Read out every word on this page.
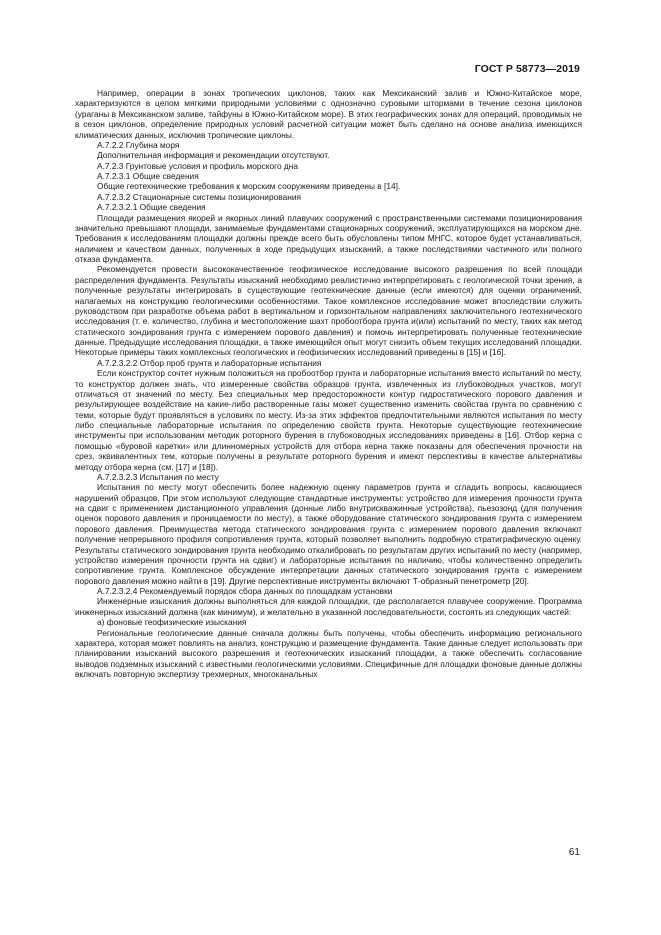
ГОСТ Р 58773—2019

Например, операции в зонах тропических циклонов, таких как Мексиканский залив и Южно-Китайское море, характеризуются в целом мягкими природными условиями с однозначно суровыми штормами в течение сезона циклонов (ураганы в Мексиканском заливе, тайфуны в Южно-Китайском море). В этих географических зонах для операций, проводимых не в сезон циклонов, определение природных условий расчетной ситуации может быть сделано на основе анализа имеющихся климатических данных, исключив тропические циклоны.

А.7.2.2 Глубина моря

Дополнительная информация и рекомендации отсутствуют.

А.7.2.3 Грунтовые условия и профиль морского дна

А.7.2.3.1 Общие сведения

Общие геотехнические требования к морским сооружениям приведены в [14].

А.7.2.3.2 Стационарные системы позиционирования

А.7.2.3.2.1 Общие сведения

Площади размещения якорей и якорных линий плавучих сооружений с пространственными системами позиционирования значительно превышают площади, занимаемые фундаментами стационарных сооружений, эксплуатирующихся на морском дне. Требования к исследованиям площадки должны прежде всего быть обусловлены типом МНГС, которое будет устанавливаться, наличием и качеством данных, полученных в ходе предыдущих изысканий, а также последствиями частичного или полного отказа фундамента.

Рекомендуется провести высококачественное геофизическое исследование высокого разрешения по всей площади распределения фундамента. Результаты изысканий необходимо реалистично интерпретировать с геологической точки зрения, а полученные результаты интегрировать в существующие геотехнические данные (если имеются) для оценки ограничений, налагаемых на конструкцию геологическими особенностями. Такое комплексное исследование может впоследствии служить руководством при разработке объема работ в вертикальном и горизонтальном направлениях заключительного геотехнического исследования (т. е. количество, глубина и местоположение шахт пробоотбора грунта и(или) испытаний по месту, таких как метод статического зондирования грунта с измерением порового давления) и помочь интерпретировать полученные геотехнические данные. Предыдущие исследования площадки, а также имеющийся опыт могут снизить объем текущих исследований площадки. Некоторые примеры таких комплексных геологических и геофизических исследований приведены в [15] и [16].

А.7.2.3.2.2 Отбор проб грунта и лабораторные испытания

Если конструктор сочтет нужным положиться на пробоотбор грунта и лабораторные испытания вместо испытаний по месту, то конструктор должен знать, что измеренные свойства образцов грунта, извлеченных из глубоководных участков, могут отличаться от значений по месту. Без специальных мер предосторожности контур гидростатического порового давления и результирующее воздействие на какие-либо растворенные газы может существенно изменить свойства грунта по сравнению с теми, которые будут проявляться в условиях по месту. Из-за этих эффектов предпочтительными являются испытания по месту либо специальные лабораторные испытания по определению свойств грунта. Некоторые существующие геотехнические инструменты при использовании методик роторного бурения в глубоководных исследованиях приведены в [16]. Отбор керна с помощью «буровой каретки» или длинномерных устройств для отбора керна также показаны для обеспечения прочности на срез, эквивалентных тем, которые получены в результате роторного бурения и имеют перспективы в качестве альтернативы методу отбора керна (см. [17] и [18]).

А.7.2.3.2.3 Испытания по месту

Испытания по месту могут обеспечить более надежную оценку параметров грунта и сгладить вопросы, касающиеся нарушений образцов. При этом используют следующие стандартные инструменты: устройство для измерения прочности грунта на сдвиг с применением дистанционного управления (донные либо внутрискважинные устройства), пьезозонд (для получения оценок порового давления и проницаемости по месту), а также оборудование статического зондирования грунта с измерением порового давления. Преимущества метода статического зондирования грунта с измерением порового давления включают получение непрерывного профиля сопротивления грунта, который позволяет выполнить подробную стратиграфическую оценку. Результаты статического зондирования грунта необходимо откалибровать по результатам других испытаний по месту (например, устройство измерения прочности грунта на сдвиг) и лабораторные испытания по наличию, чтобы количественно определить сопротивление грунта. Комплексное обсуждение интерпретации данных статического зондирования грунта с измерением порового давления можно найти в [19]. Другие перспективные инструменты включают Т-образный пенетрометр [20].

А.7.2.3.2.4 Рекомендуемый порядок сбора данных по площадкам установки

Инженерные изыскания должны выполняться для каждой площадки, где располагается плавучее сооружение. Программа инженерных изысканий должна (как минимум), и желательно в указанной последовательности, состоять из следующих частей:

а) фоновые геофизические изыскания

Региональные геологические данные сначала должны быть получены, чтобы обеспечить информацию регионального характера, которая может повлиять на анализ, конструкцию и размещение фундамента. Такие данные следует использовать при планировании изысканий высокого разрешения и геотехнических изысканий площадки, а также обеспечить согласование выводов подземных изысканий с известными геологическими условиями. Специфичные для площадки фоновые данные должны включать повторную экспертизу трехмерных, многоканальных

61
